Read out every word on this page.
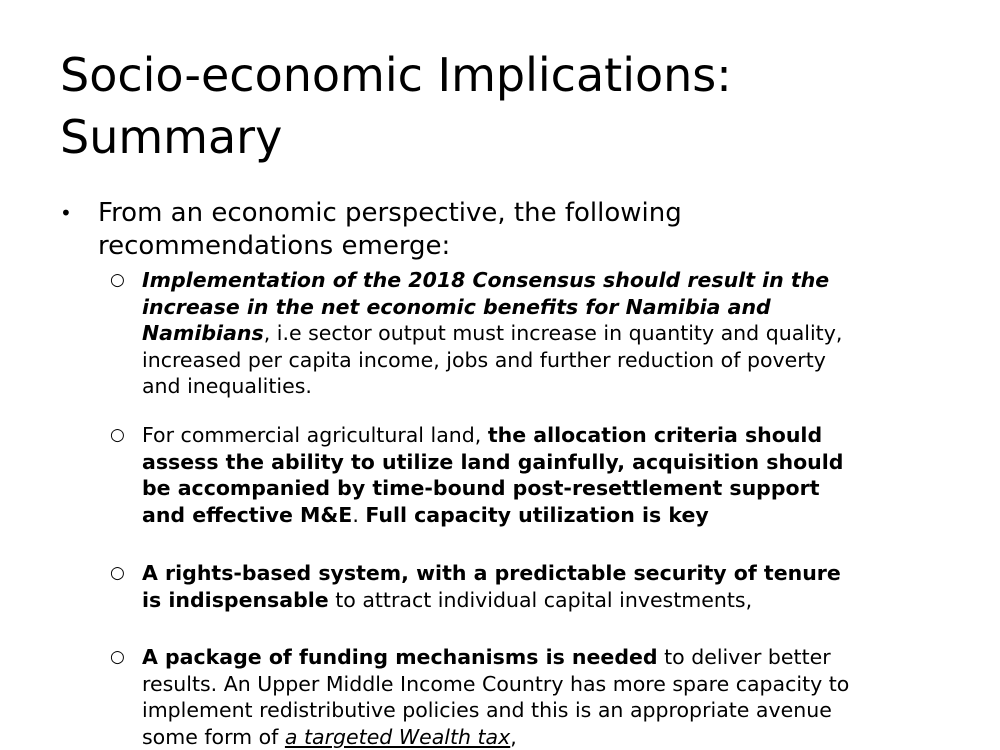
Socio-economic Implications: Summary
• From an economic perspective, the following recommendations emerge:
○ Implementation of the 2018 Consensus should result in the increase in the net economic benefits for Namibia and Namibians, i.e sector output must increase in quantity and quality, increased per capita income, jobs and further reduction of poverty and inequalities.
○ For commercial agricultural land, the allocation criteria should assess the ability to utilize land gainfully, acquisition should be accompanied by time-bound post-resettlement support and effective M&E. Full capacity utilization is key
○ A rights-based system, with a predictable security of tenure is indispensable to attract individual capital investments,
○ A package of funding mechanisms is needed to deliver better results. An Upper Middle Income Country has more spare capacity to implement redistributive policies and this is an appropriate avenue some form of a targeted Wealth tax,
